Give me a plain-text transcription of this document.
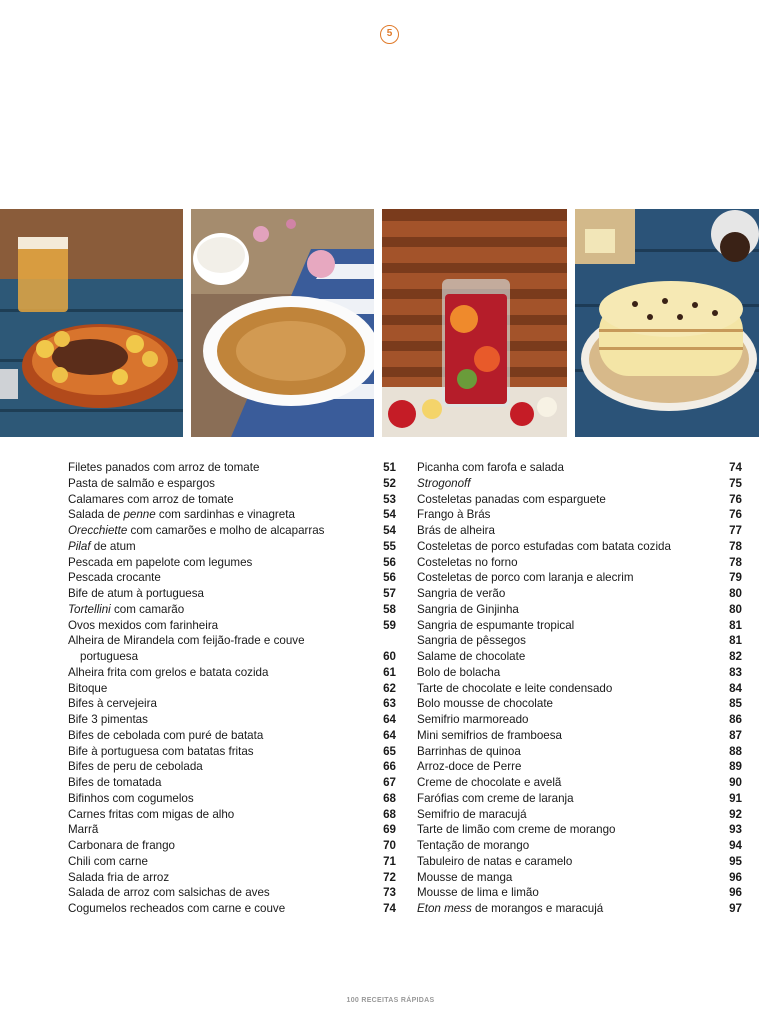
5
Filetes panados com arroz de tomate	51
Pasta de salmão e espargos	52
Calamares com arroz de tomate	53
Salada de penne com sardinhas e vinagreta	54
Orecchiette com camarões e molho de alcaparras	54
Pilaf de atum	55
Pescada em papelote com legumes	56
Pescada crocante	56
Bife de atum à portuguesa	57
Tortellini com camarão	58
Ovos mexidos com farinheira	59
Alheira de Mirandela com feijão-frade e couve
portuguesa	60
Alheira frita com grelos e batata cozida	61
Bitoque	62
Bifes à cervejeira	63
Bife 3 pimentas	64
Bifes de cebolada com puré de batata	64
Bife à portuguesa com batatas fritas	65
Bifes de peru de cebolada	66
Bifes de tomatada	67
Bifinhos com cogumelos	68
Carnes fritas com migas de alho	68
Marrã	69
Carbonara de frango	70
Chili com carne	71
Salada fria de arroz	72
Salada de arroz com salsichas de aves	73
Cogumelos recheados com carne e couve	74
Picanha com farofa e salada	74
Strogonoff	75
Costeletas panadas com esparguete	76
Frango à Brás	76
Brás de alheira	77
Costeletas de porco estufadas com batata cozida	78
Costeletas no forno	78
Costeletas de porco com laranja e alecrim	79
Sangria de verão	80
Sangria de Ginjinha	80
Sangria de espumante tropical	81
Sangria de pêssegos	81
Salame de chocolate	82
Bolo de bolacha	83
Tarte de chocolate e leite condensado	84
Bolo mousse de chocolate	85
Semifrio marmoreado	86
Mini semifrios de framboesa	87
Barrinhas de quinoa	88
Arroz-doce de Perre	89
Creme de chocolate e avelã	90
Farófias com creme de laranja	91
Semifrio de maracujá	92
Tarte de limão com creme de morango	93
Tentação de morango	94
Tabuleiro de natas e caramelo	95
Mousse de manga	96
Mousse de lima e limão	96
Eton mess de morangos e maracujá	97
100 RECEITAS RÁPIDAS
